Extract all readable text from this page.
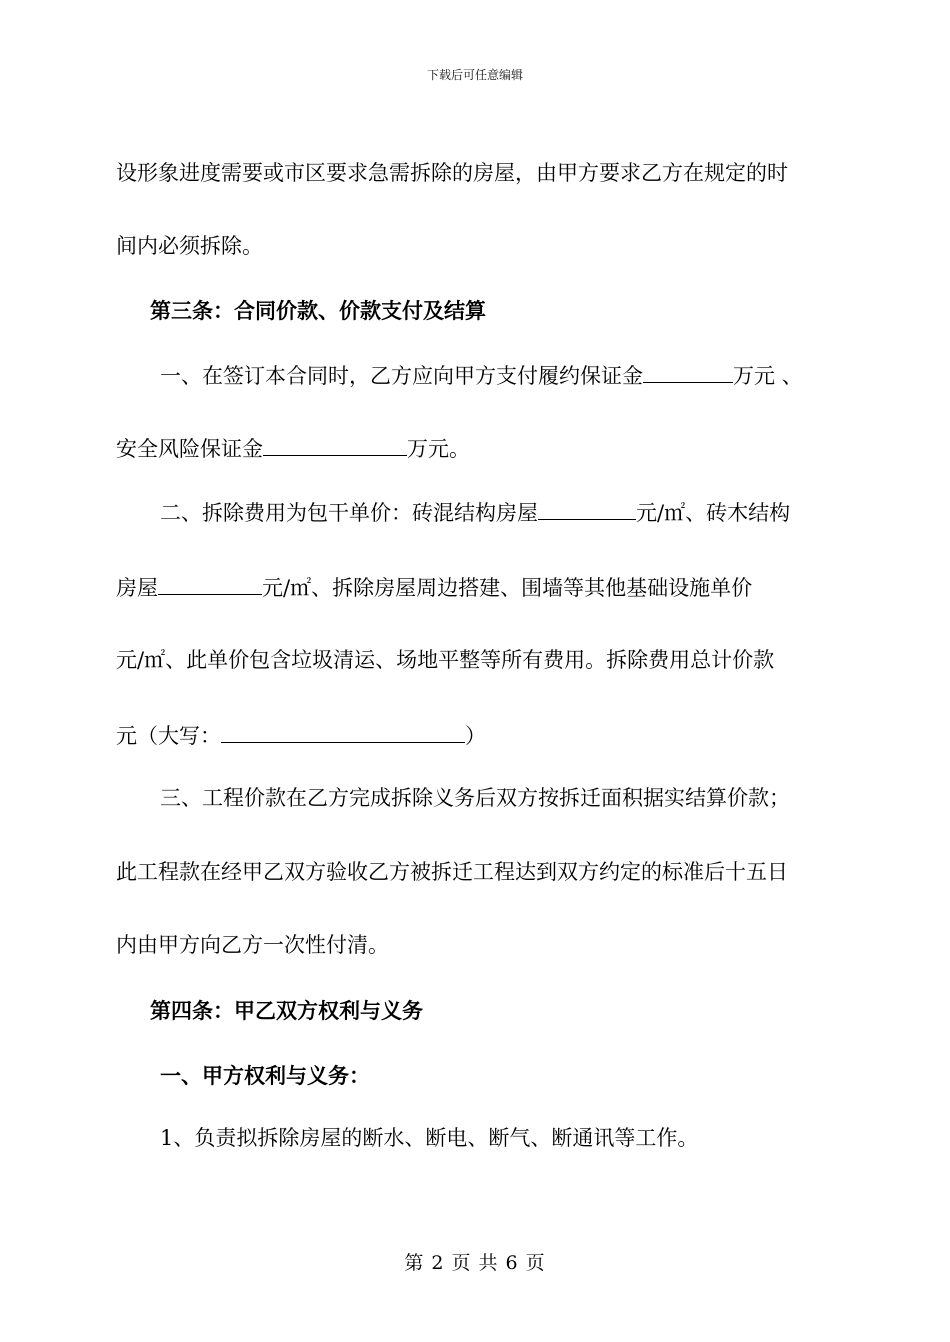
下载后可任意编辑
设形象进度需要或市区要求急需拆除的房屋，由甲方要求乙方在规定的时
间内必须拆除。
第三条：合同价款、价款支付及结算
一、在签订本合同时，乙方应向甲方支付履约保证金	万元 、
安全风险保证金	万元。
二、拆除费用为包干单价：砖混结构房屋	元/㎡、砖木结构
房屋	元/㎡、拆除房屋周边搭建、围墙等其他基础设施单价
元/㎡、此单价包含垃圾清运、场地平整等所有费用。拆除费用总计价款
元（大写：	）
三、工程价款在乙方完成拆除义务后双方按拆迁面积据实结算价款；
此工程款在经甲乙双方验收乙方被拆迁工程达到双方约定的标准后十五日
内由甲方向乙方一次性付清。
第四条：甲乙双方权利与义务
一、甲方权利与义务：
1、负责拟拆除房屋的断水、断电、断气、断通讯等工作。
第 2 页 共 6 页
